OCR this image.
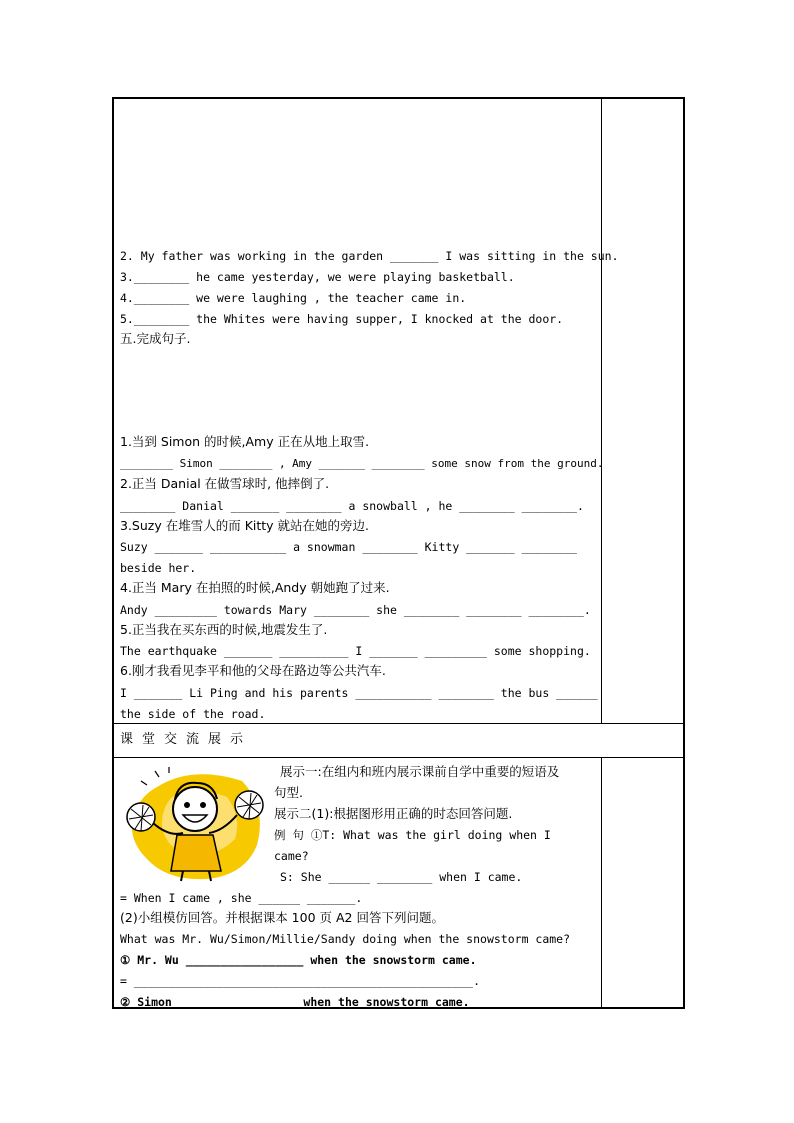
2. My father was working in the garden _______ I was sitting in the sun.
3.________ he came yesterday, we were playing basketball.
4.________ we were laughing , the teacher came in.
5.________ the Whites were having supper, I knocked at the door.
五.完成句子.
1.当到 Simon 的时候,Amy 正在从地上取雪.
________ Simon ________ , Amy _______ ________ some snow from the ground.
2.正当 Danial 在做雪球时, 他摔倒了.
________ Danial _______ ________ a snowball , he ________ ________.
3.Suzy 在堆雪人的而 Kitty 就站在她的旁边.
Suzy _______ ___________ a snowman ________ Kitty _______ ________
beside her.
4.正当 Mary 在拍照的时候,Andy 朝她跑了过来.
Andy _________ towards Mary ________ she ________ ________ ________.
5.正当我在买东西的时候,地震发生了.
The earthquake _______ __________ I _______ _________ some shopping.
6.刚才我看见李平和他的父母在路边等公共汽车.
I _______ Li Ping and his parents ___________ ________ the bus ______
the side of the road.
课堂交流展示
展示一:在组内和班内展示课前自学中重要的短语及
句型.
展示二(1):根据图形用正确的时态回答问题.
例 句 ①T: What was the girl doing when I
came?
S: She ______ ________ when I came.
= When I came , she ______ _______.
(2)小组模仿回答。并根据课本 100 页 A2 回答下列问题。
What was Mr. Wu/Simon/Millie/Sandy doing when the snowstorm came?
① Mr. Wu _________________ when the snowstorm came.
= _________________________________________________.
② Simon _________________ when the snowstorm came.
